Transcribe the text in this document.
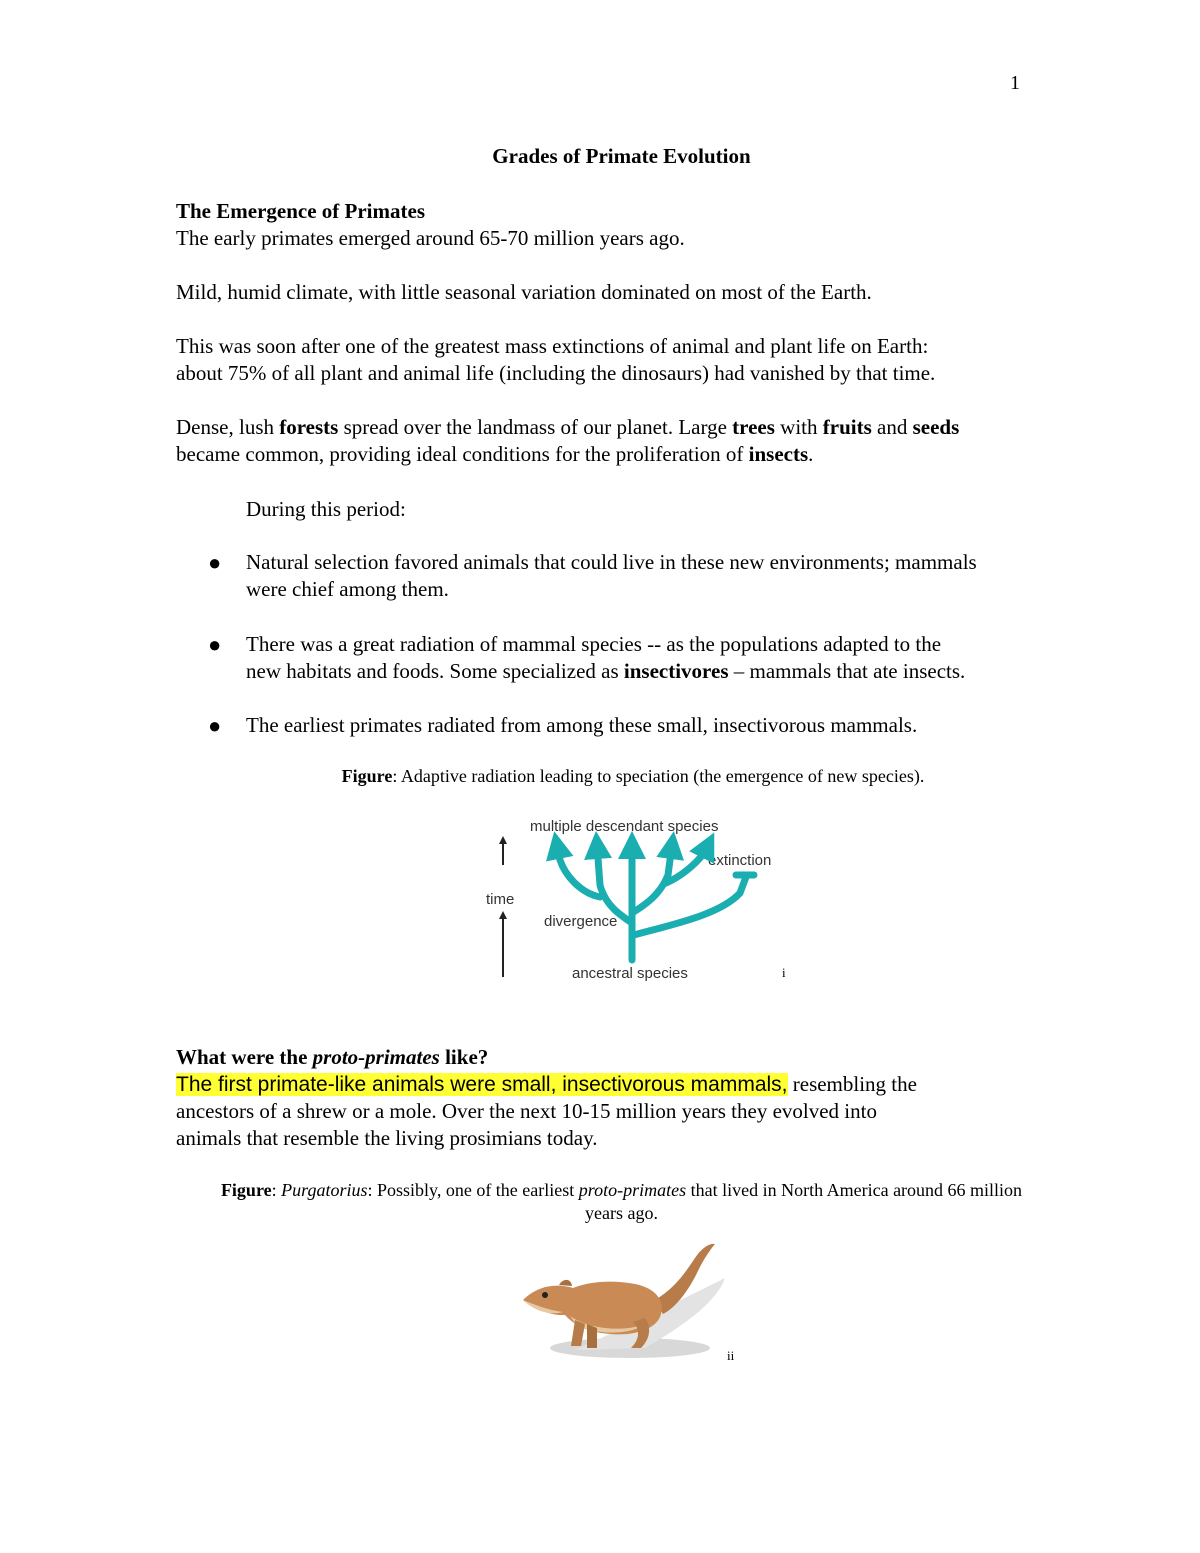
1
Grades of Primate Evolution
The Emergence of Primates
The early primates emerged around 65-70 million years ago.
Mild, humid climate, with little seasonal variation dominated on most of the Earth.
This was soon after one of the greatest mass extinctions of animal and plant life on Earth:
about 75% of all plant and animal life (including the dinosaurs) had vanished by that time.
Dense, lush forests spread over the landmass of our planet. Large trees with fruits and seeds
became common, providing ideal conditions for the proliferation of insects.
During this period:
● Natural selection favored animals that could live in these new environments; mammals
were chief among them.
● There was a great radiation of mammal species -- as the populations adapted to the
new habitats and foods. Some specialized as insectivores – mammals that ate insects.
● The earliest primates radiated from among these small, insectivorous mammals.
Figure: Adaptive radiation leading to speciation (the emergence of new species).
multiple descendant species
extinction
time
divergence
ancestral species	i
What were the proto-primates like?
The first primate-like animals were small, insectivorous mammals, resembling the
ancestors of a shrew or a mole. Over the next 10-15 million years they evolved into
animals that resemble the living prosimians today.
Figure: Purgatorius: Possibly, one of the earliest proto-primates that lived in North America around 66 million
years ago.
ii
